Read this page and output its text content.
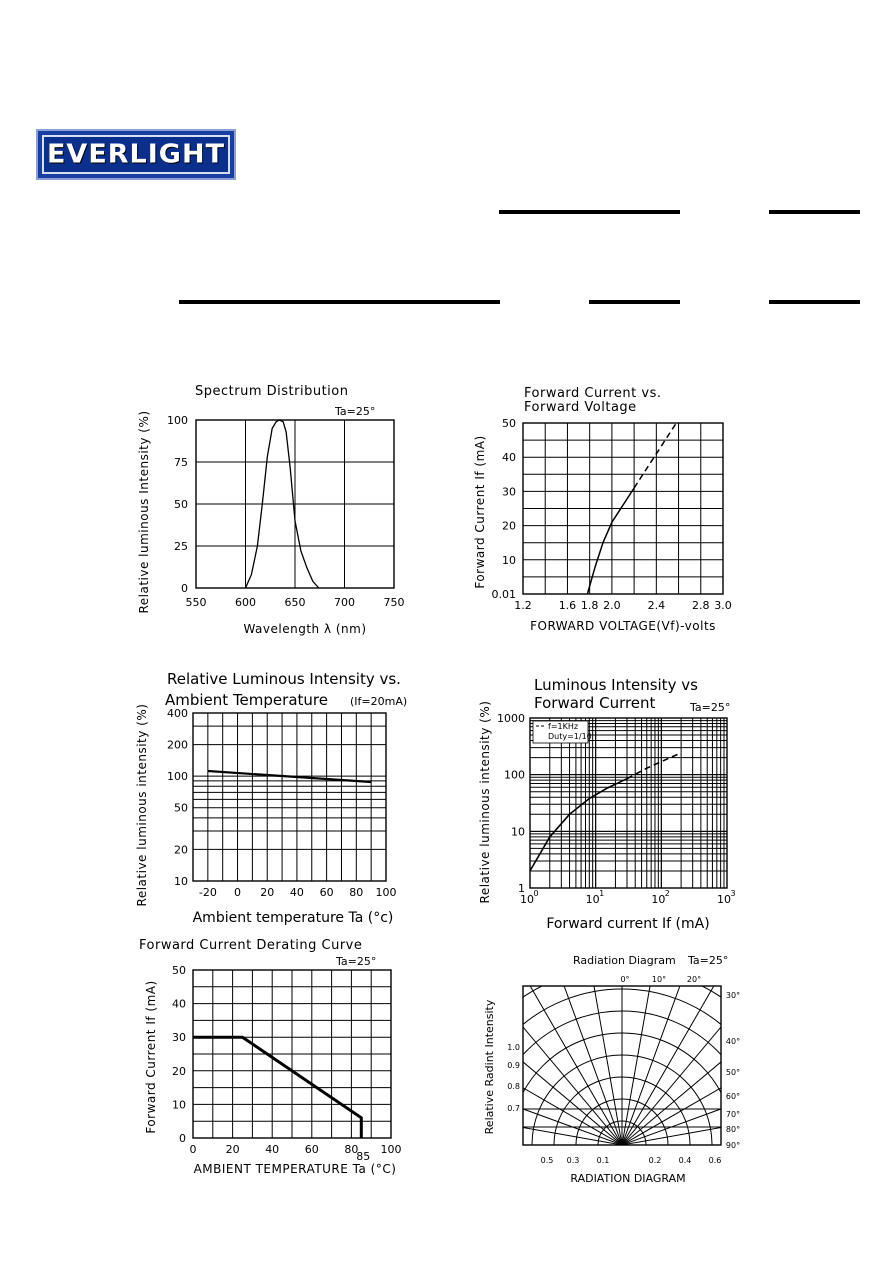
EVERLIGHT
Spectrum Distribution
Ta=25°
550	600	650	700	750
0
25
50
75
100
Wavelength λ (nm)
Relative luminous Intensity (%)
Forward Current vs.
Forward Voltage
1.2 1.6 1.8 2.0 2.4 2.8 3.0
0.01
10
20
30
40
50
FORWARD VOLTAGE(Vf)-volts
Forward Current If (mA)
Relative Luminous Intensity vs.
Ambient Temperature (If=20mA)
-20 0 20 40 60 80 100
10
20
50
100
200
400
Ambient temperature Ta (°c)
Relative luminous intensity (%)
Luminous Intensity vs
Forward Current	Ta=25°
f=1KHz
Duty=1/10
1
10
100
1000
10 0	10 1	10 2	10 3
Forward current If (mA)
Relative luminous intensity (%)
Forward Current Derating Curve
Ta=25°
0	20 40 60 80 100
85
0
10
20
30
40
50
AMBIENT TEMPERATURE Ta (°C)
Forward Current If (mA)
Radiation Diagram Ta=25°
0°	10°	20°
30°
40°
50°
60°
70°
80°
90°
1.0
0.9
0.8
0.7
0.5 0.3 0.1	0.2 0.4 0.6
RADIATION DIAGRAM
Relative Radint Intensity
